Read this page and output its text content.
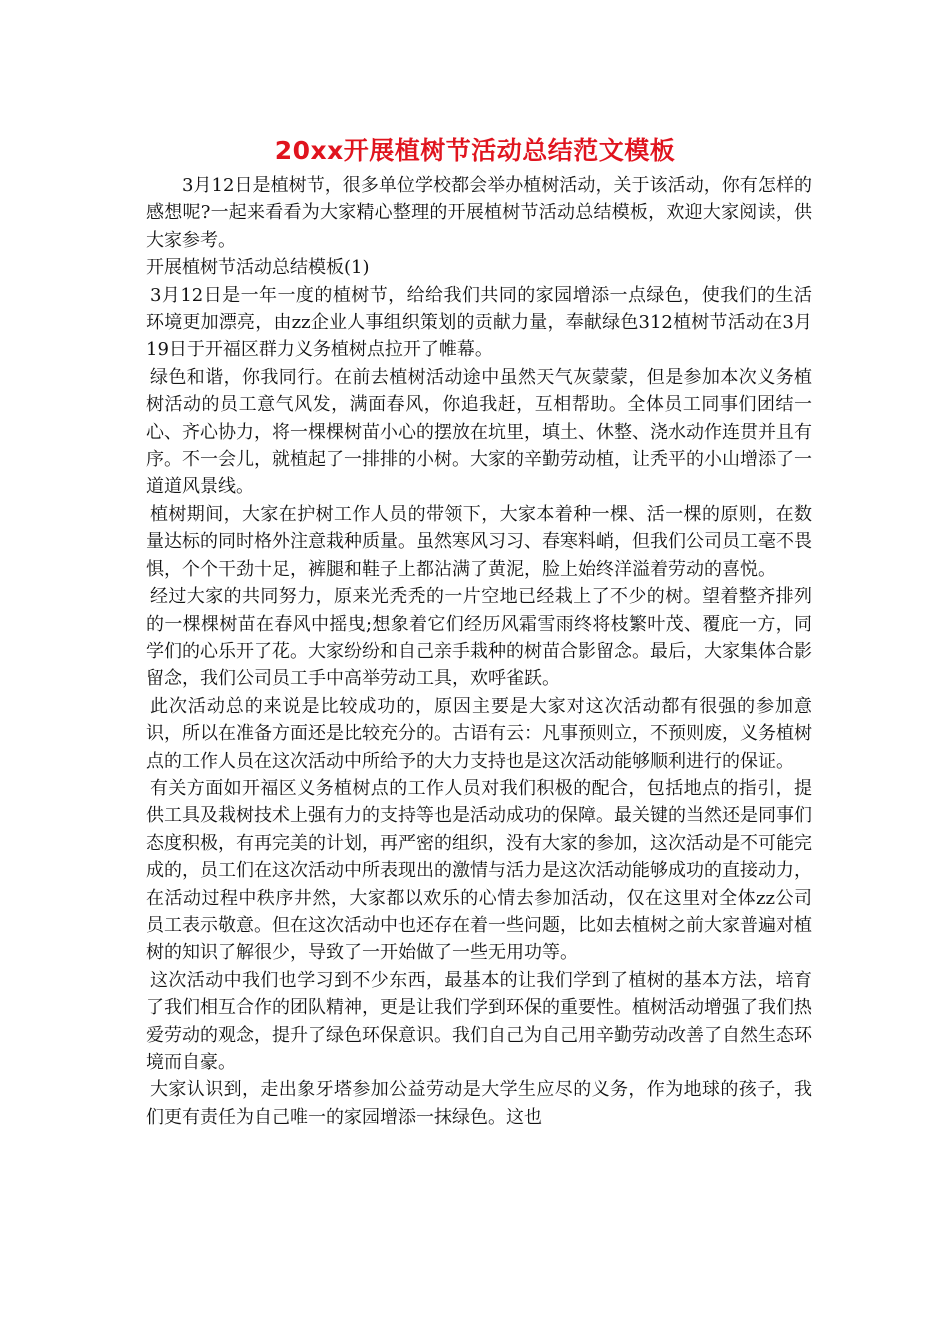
20xx开展植树节活动总结范文模板

3月12日是植树节，很多单位学校都会举办植树活动，关于该活动，你有怎样的感想呢?一起来看看为大家精心整理的开展植树节活动总结模板，欢迎大家阅读，供大家参考。

开展植树节活动总结模板(1)

3月12日是一年一度的植树节，给给我们共同的家园增添一点绿色，使我们的生活环境更加漂亮，由zz企业人事组织策划的贡献力量，奉献绿色312植树节活动在3月19日于开福区群力义务植树点拉开了帷幕。

绿色和谐，你我同行。在前去植树活动途中虽然天气灰蒙蒙，但是参加本次义务植树活动的员工意气风发，满面春风，你追我赶，互相帮助。全体员工同事们团结一心、齐心协力，将一棵棵树苗小心的摆放在坑里，填土、休整、浇水动作连贯并且有序。不一会儿，就植起了一排排的小树。大家的辛勤劳动植，让秃平的小山增添了一道道风景线。

植树期间，大家在护树工作人员的带领下，大家本着种一棵、活一棵的原则，在数量达标的同时格外注意栽种质量。虽然寒风习习、春寒料峭，但我们公司员工毫不畏惧，个个干劲十足，裤腿和鞋子上都沾满了黄泥，脸上始终洋溢着劳动的喜悦。

经过大家的共同努力，原来光秃秃的一片空地已经栽上了不少的树。望着整齐排列的一棵棵树苗在春风中摇曳;想象着它们经历风霜雪雨终将枝繁叶茂、覆庇一方，同学们的心乐开了花。大家纷纷和自己亲手栽种的树苗合影留念。最后，大家集体合影留念，我们公司员工手中高举劳动工具，欢呼雀跃。

此次活动总的来说是比较成功的，原因主要是大家对这次活动都有很强的参加意识，所以在准备方面还是比较充分的。古语有云：凡事预则立，不预则废，义务植树点的工作人员在这次活动中所给予的大力支持也是这次活动能够顺利进行的保证。

有关方面如开福区义务植树点的工作人员对我们积极的配合，包括地点的指引，提供工具及栽树技术上强有力的支持等也是活动成功的保障。最关键的当然还是同事们态度积极，有再完美的计划，再严密的组织，没有大家的参加，这次活动是不可能完成的，员工们在这次活动中所表现出的激情与活力是这次活动能够成功的直接动力，在活动过程中秩序井然，大家都以欢乐的心情去参加活动，仅在这里对全体zz公司员工表示敬意。但在这次活动中也还存在着一些问题，比如去植树之前大家普遍对植树的知识了解很少，导致了一开始做了一些无用功等。

这次活动中我们也学习到不少东西，最基本的让我们学到了植树的基本方法，培育了我们相互合作的团队精神，更是让我们学到环保的重要性。植树活动增强了我们热爱劳动的观念，提升了绿色环保意识。我们自己为自己用辛勤劳动改善了自然生态环境而自豪。

大家认识到，走出象牙塔参加公益劳动是大学生应尽的义务，作为地球的孩子，我们更有责任为自己唯一的家园增添一抹绿色。这也
